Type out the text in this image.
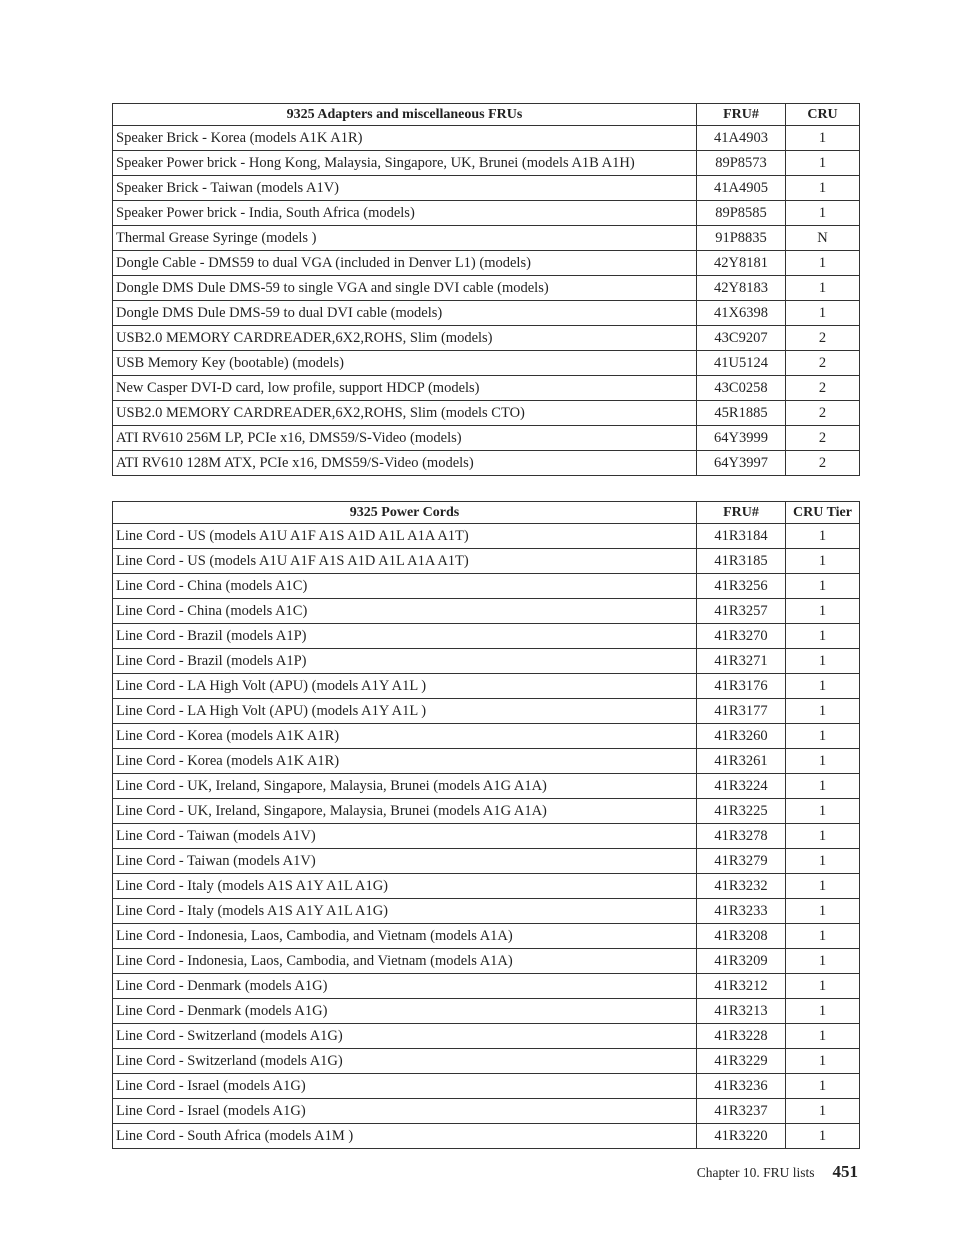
9325 Adapters and miscellaneous FRUs	FRU#	CRU
Speaker Brick - Korea (models A1K A1R)	41A4903	1
Speaker Power brick - Hong Kong, Malaysia, Singapore, UK, Brunei (models A1B A1H)	89P8573	1
Speaker Brick - Taiwan (models A1V)	41A4905	1
Speaker Power brick - India, South Africa (models)	89P8585	1
Thermal Grease Syringe (models )	91P8835	N
Dongle Cable - DMS59 to dual VGA (included in Denver L1) (models)	42Y8181	1
Dongle DMS Dule DMS-59 to single VGA and single DVI cable (models)	42Y8183	1
Dongle DMS Dule DMS-59 to dual DVI cable (models)	41X6398	1
USB2.0 MEMORY CARDREADER,6X2,ROHS, Slim (models)	43C9207	2
USB Memory Key (bootable) (models)	41U5124	2
New Casper DVI-D card, low profile, support HDCP (models)	43C0258	2
USB2.0 MEMORY CARDREADER,6X2,ROHS, Slim (models CTO)	45R1885	2
ATI RV610 256M LP, PCIe x16, DMS59/S-Video (models)	64Y3999	2
ATI RV610 128M ATX, PCIe x16, DMS59/S-Video (models)	64Y3997	2
9325 Power Cords	FRU#	CRU Tier
Line Cord - US (models A1U A1F A1S A1D A1L A1A A1T)	41R3184	1
Line Cord - US (models A1U A1F A1S A1D A1L A1A A1T)	41R3185	1
Line Cord - China (models A1C)	41R3256	1
Line Cord - China (models A1C)	41R3257	1
Line Cord - Brazil (models A1P)	41R3270	1
Line Cord - Brazil (models A1P)	41R3271	1
Line Cord - LA High Volt (APU) (models A1Y A1L )	41R3176	1
Line Cord - LA High Volt (APU) (models A1Y A1L )	41R3177	1
Line Cord - Korea (models A1K A1R)	41R3260	1
Line Cord - Korea (models A1K A1R)	41R3261	1
Line Cord - UK, Ireland, Singapore, Malaysia, Brunei (models A1G A1A)	41R3224	1
Line Cord - UK, Ireland, Singapore, Malaysia, Brunei (models A1G A1A)	41R3225	1
Line Cord - Taiwan (models A1V)	41R3278	1
Line Cord - Taiwan (models A1V)	41R3279	1
Line Cord - Italy (models A1S A1Y A1L A1G)	41R3232	1
Line Cord - Italy (models A1S A1Y A1L A1G)	41R3233	1
Line Cord - Indonesia, Laos, Cambodia, and Vietnam (models A1A)	41R3208	1
Line Cord - Indonesia, Laos, Cambodia, and Vietnam (models A1A)	41R3209	1
Line Cord - Denmark (models A1G)	41R3212	1
Line Cord - Denmark (models A1G)	41R3213	1
Line Cord - Switzerland (models A1G)	41R3228	1
Line Cord - Switzerland (models A1G)	41R3229	1
Line Cord - Israel (models A1G)	41R3236	1
Line Cord - Israel (models A1G)	41R3237	1
Line Cord - South Africa (models A1M )	41R3220	1
Chapter 10. FRU lists 451
